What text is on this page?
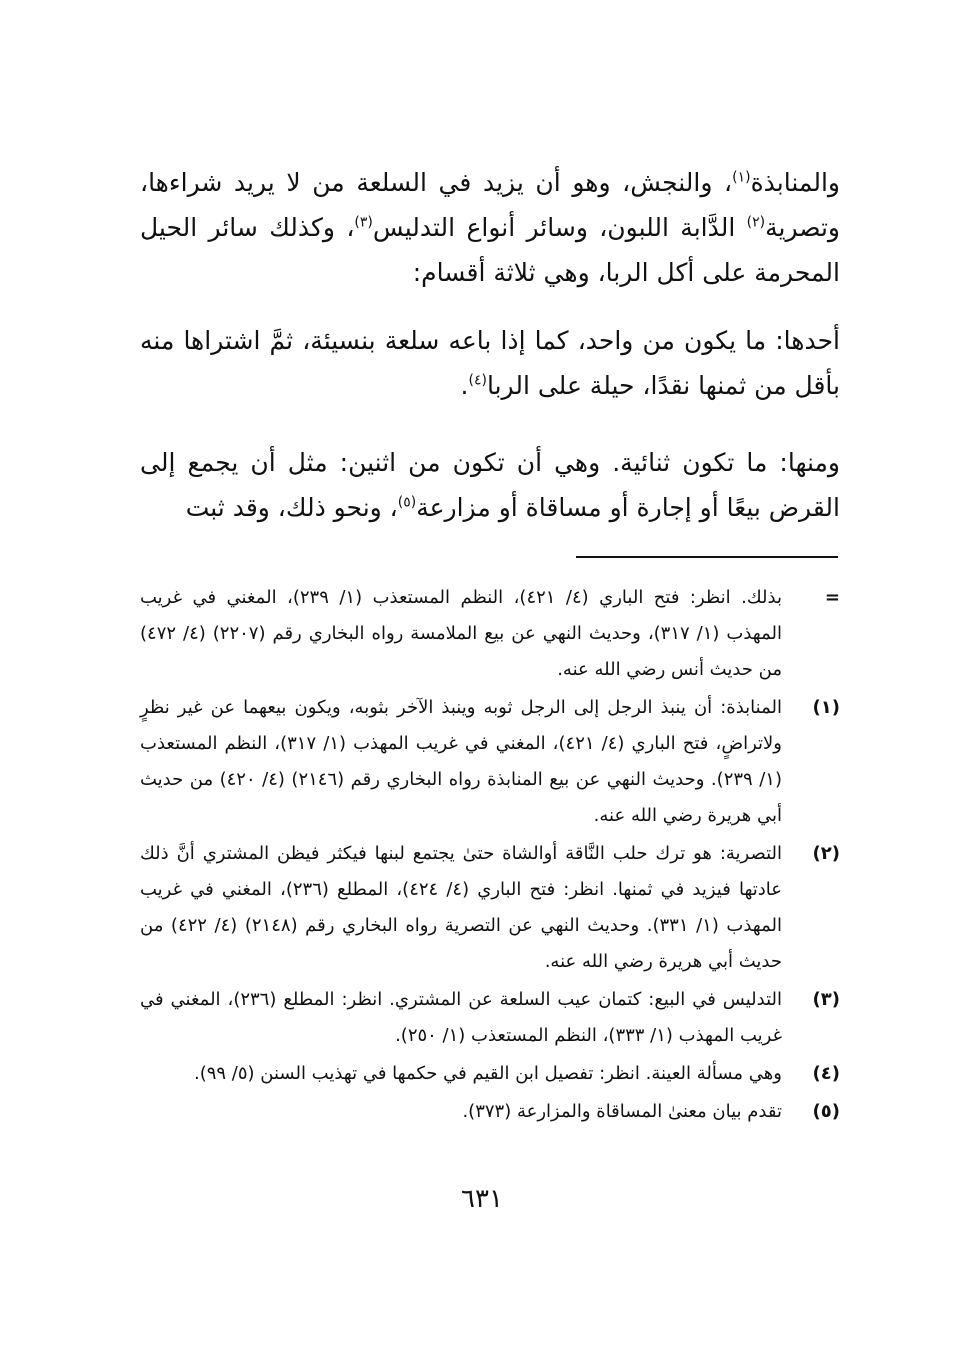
والمنابذة$^{(١)}$، والنجش، وهو أن يزيد في السلعة من لا يريد شراءها، وتصرية$^{(٢)}$ الدَّابة اللبون، وسائر أنواع التدليس$^{(٣)}$، وكذلك سائر الحيل المحرمة على أكل الربا، وهي ثلاثة أقسام:

أحدها: ما يكون من واحد، كما إذا باعه سلعة بنسيئة، ثمَّ اشتراها منه بأقل من ثمنها نقدًا، حيلة على الربا$^{(٤)}$.

ومنها: ما تكون ثنائية. وهي أن تكون من اثنين: مثل أن يجمع إلى القرض بيعًا أو إجارة أو مساقاة أو مزارعة$^{(٥)}$، ونحو ذلك، وقد ثبت

=
بذلك. انظر: فتح الباري (٤/ ٤٢١)، النظم المستعذب (١/ ٢٣٩)، المغني في غريب المهذب (١/ ٣١٧)، وحديث النهي عن بيع الملامسة رواه البخاري رقم (٢٢٠٧) (٤/ ٤٧٢) من حديث أنس رضي الله عنه.
(١)
المنابذة: أن ينبذ الرجل إلى الرجل ثوبه وينبذ الآخر بثوبه، ويكون بيعهما عن غير نظرٍ ولاتراضٍ، فتح الباري (٤/ ٤٢١)، المغني في غريب المهذب (١/ ٣١٧)، النظم المستعذب (١/ ٢٣٩). وحديث النهي عن بيع المنابذة رواه البخاري رقم (٢١٤٦) (٤/ ٤٢٠) من حديث أبي هريرة رضي الله عنه.
(٢)
التصرية: هو ترك حلب النَّاقة أوالشاة حتىٰ يجتمع لبنها فيكثر فيظن المشتري أنَّ ذلك عادتها فيزيد في ثمنها. انظر: فتح الباري (٤/ ٤٢٤)، المطلع (٢٣٦)، المغني في غريب المهذب (١/ ٣٣١). وحديث النهي عن التصرية رواه البخاري رقم (٢١٤٨) (٤/ ٤٢٢) من حديث أبي هريرة رضي الله عنه.
(٣)
التدليس في البيع: كتمان عيب السلعة عن المشتري. انظر: المطلع (٢٣٦)، المغني في غريب المهذب (١/ ٣٣٣)، النظم المستعذب (١/ ٢٥٠).
(٤)
وهي مسألة العينة. انظر: تفصيل ابن القيم في حكمها في تهذيب السنن (٥/ ٩٩).
(٥)
تقدم بيان معنىٰ المساقاة والمزارعة (٣٧٣).
٦٣١
